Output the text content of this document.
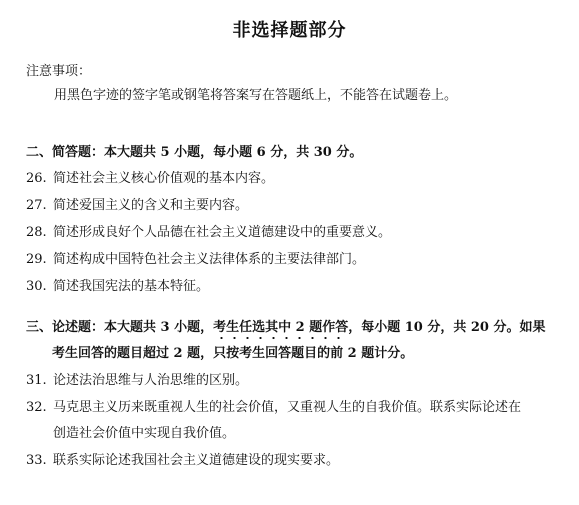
非选择题部分
注意事项：
用黑色字迹的签字笔或钢笔将答案写在答题纸上，不能答在试题卷上。
二、简答题：本大题共 5 小题，每小题 6 分，共 30 分。
26. 简述社会主义核心价值观的基本内容。
27. 简述爱国主义的含义和主要内容。
28. 简述形成良好个人品德在社会主义道德建设中的重要意义。
29. 简述构成中国特色社会主义法律体系的主要法律部门。
30. 简述我国宪法的基本特征。
三、论述题：本大题共 3 小题，考生任选其中 2 题作答，每小题 10 分，共 20 分。如果
考生回答的题目超过 2 题，只按考生回答题目的前 2 题计分。
31. 论述法治思维与人治思维的区别。
32. 马克思主义历来既重视人生的社会价值，又重视人生的自我价值。联系实际论述在
创造社会价值中实现自我价值。
33. 联系实际论述我国社会主义道德建设的现实要求。
